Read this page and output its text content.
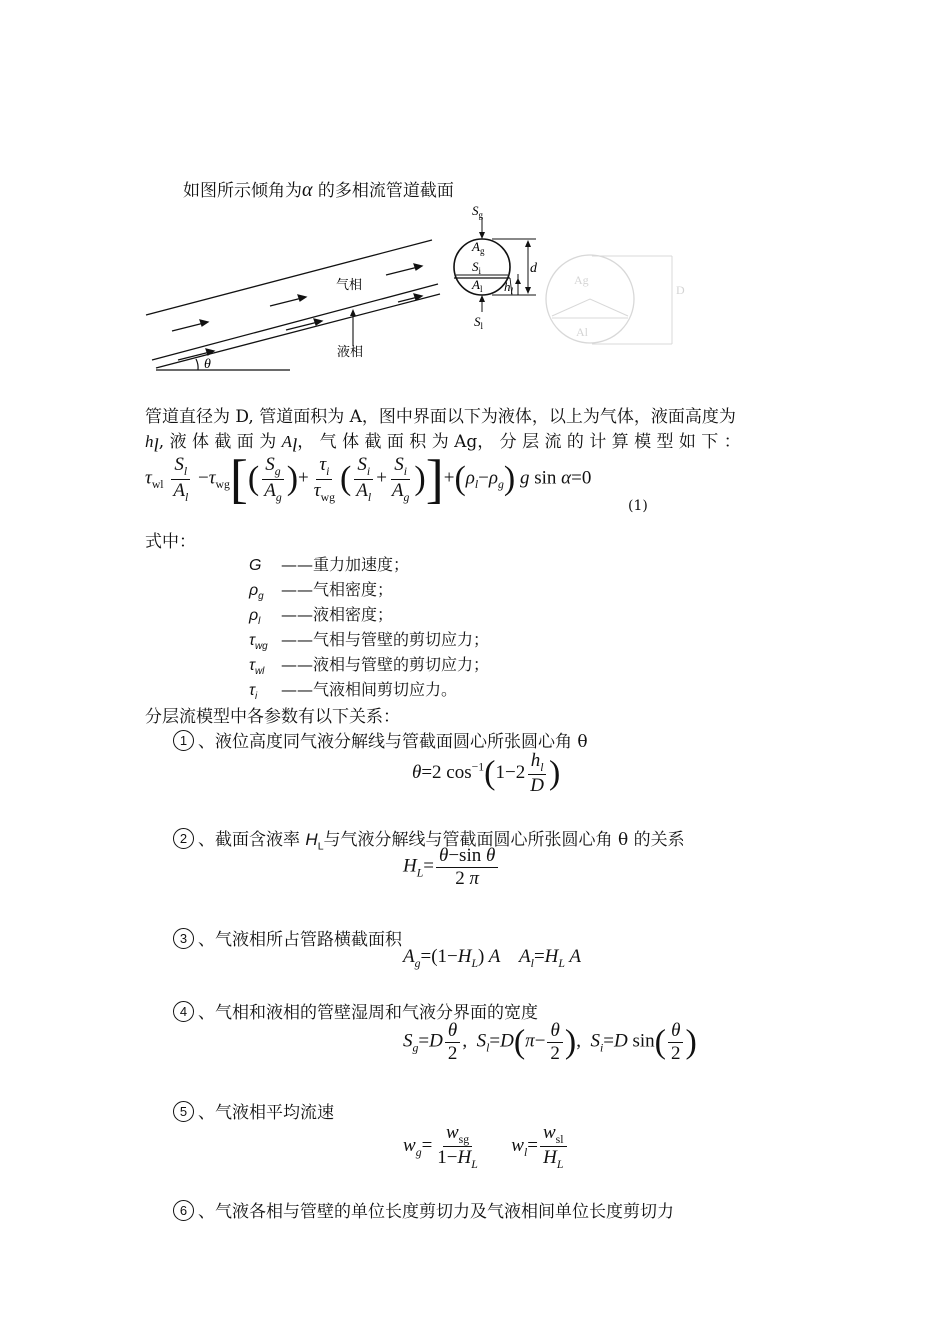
如图所示倾角为α 的多相流管道截面
θ
气相
液相
$S_g$
$A_g$
$S_i$
$A_l$
$S_l$
$h_l$
d
Ag
Al
D
管道直径为 D, 管道面积为 A，图中界面以下为液体，以上为气体，液面高度为
$h_l$, 液 体 截 面 为 $A_l$， 气 体 截 面 积 为 Ag， 分 层 流 的 计 算 模 型 如 下 ：
$\tau_{wl} \frac{S_l}{A_l} -\tau_{wg}[( \frac{S_g}{A_g}$ )+ $\frac{\tau_i}{\tau_{wg}}$ ( $\frac{S_i}{A_l} + \frac{S_i}{A_g} )]+(\rho_l-\rho_g)$ g sin α=0
(1)
式中：
G ——重力加速度；
$\rho_g$ ——气相密度；
$\rho_l$ ——液相密度；
$\tau_{wg}$ ——气相与管壁的剪切应力；
$\tau_{wl}$ ——液相与管壁的剪切应力；
$\tau_i$ ——气液相间剪切应力。
分层流模型中各参数有以下关系：
1 、液位高度同气液分解线与管截面圆心所张圆心角 θ
θ=2 $\cos^{-1}(1-2 \frac{h_l}{D}$ )
2 、截面含液率 $H_L$与气液分解线与管截面圆心所张圆心角 θ 的关系
$H_L= \frac{\text{θ−sin θ}}{2 \pi}$
3 、气液相所占管路横截面积
$A_g=(1-H_L)$ A    $A_l=H_L$ A
4 、气相和液相的管壁湿周和气液分界面的宽度
$S_g=D \frac{\theta}{2}$ ,  $S_l=D(\pi- \frac{\theta}{2}$ ),  $S_i=D$ $\sin( \frac{\theta}{2}$ )
5 、气液相平均流速
$w_g= \frac{w_{sg}}{1-H_L} w_l= \frac{w_{sl}}{H_L}$
6 、气液各相与管壁的单位长度剪切力及气液相间单位长度剪切力
